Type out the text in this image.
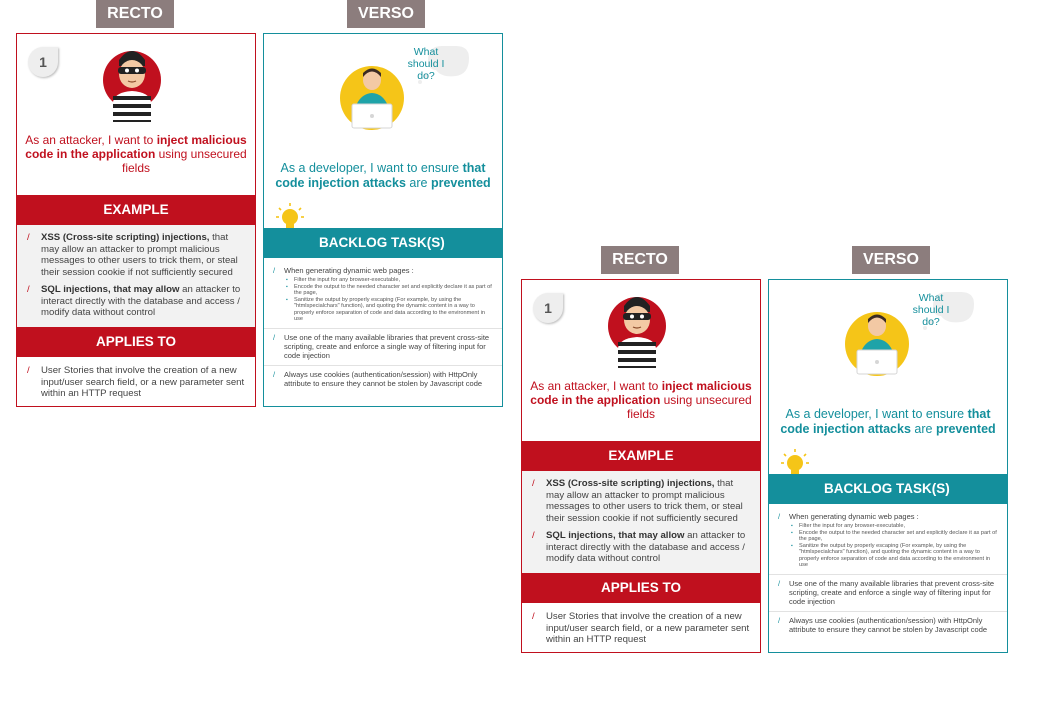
RECTO	VERSO
1
As an attacker, I want to inject malicious code in the application using unsecured fields
EXAMPLE
/ XSS (Cross-site scripting) injections, that may allow an attacker to prompt malicious messages to other users to trick them, or steal their session cookie if not sufficiently secured
/ SQL injections, that may allow an attacker to interact directly with the database and access / modify data without control
APPLIES TO
/ User Stories that involve the creation of a new input/user search field, or a new parameter sent within an HTTP request
What should I do?
As a developer, I want to ensure that code injection attacks are prevented
BACKLOG TASK(S)
/ When generating dynamic web pages :
▪ Filter the input for any browser-executable,
▪ Encode the output to the needed character set and explicitly declare it as part of the page,
▪ Sanitize the output by properly escaping (For example, by using the "htmlspecialchars" function), and quoting the dynamic content in a way to properly enforce separation of code and data according to the environment in use
/ Use one of the many available libraries that prevent cross-site scripting, create and enforce a single way of filtering input for code injection
/ Always use cookies (authentication/session) with HttpOnly attribute to ensure they cannot be stolen by Javascript code
RECTO	VERSO
1
As an attacker, I want to inject malicious code in the application using unsecured fields
EXAMPLE
/ XSS (Cross-site scripting) injections, that may allow an attacker to prompt malicious messages to other users to trick them, or steal their session cookie if not sufficiently secured
/ SQL injections, that may allow an attacker to interact directly with the database and access / modify data without control
APPLIES TO
/ User Stories that involve the creation of a new input/user search field, or a new parameter sent within an HTTP request
What should I do?
As a developer, I want to ensure that code injection attacks are prevented
BACKLOG TASK(S)
/ When generating dynamic web pages :
▪ Filter the input for any browser-executable,
▪ Encode the output to the needed character set and explicitly declare it as part of the page,
▪ Sanitize the output by properly escaping (For example, by using the "htmlspecialchars" function), and quoting the dynamic content in a way to properly enforce separation of code and data according to the environment in use
/ Use one of the many available libraries that prevent cross-site scripting, create and enforce a single way of filtering input for code injection
/ Always use cookies (authentication/session) with HttpOnly attribute to ensure they cannot be stolen by Javascript code
